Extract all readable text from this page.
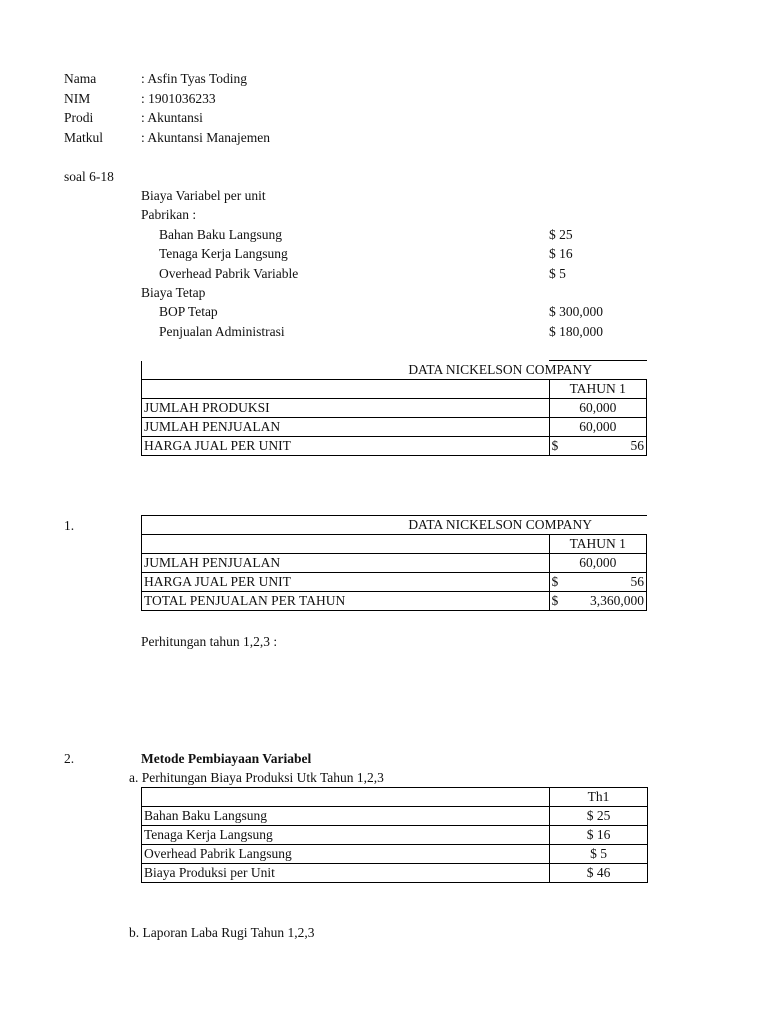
Nama	: Asfin Tyas Toding
NIM	: 1901036233
Prodi	: Akuntansi
Matkul	: Akuntansi Manajemen
soal 6-18
Biaya Variabel per unit
Pabrikan :
Bahan Baku Langsung	$ 25
Tenaga Kerja Langsung	$ 16
Overhead Pabrik Variable	$ 5
Biaya Tetap
BOP Tetap	$ 300,000
Penjualan Administrasi	$ 180,000
DATA NICKELSON COMPANY	
	TAHUN 1
JUMLAH PRODUKSI	60,000
JUMLAH PENJUALAN	60,000
HARGA JUAL PER UNIT	$ 56
1.	DATA NICKELSON COMPANY	
	TAHUN 1
JUMLAH PENJUALAN	60,000
HARGA JUAL PER UNIT	$ 56

TOTAL PENJUALAN PER TAHUN	$ 3,360,000
Perhitungan tahun 1,2,3 :
2.	Metode Pembiayaan Variabel
a. Perhitungan Biaya Produksi Utk Tahun 1,2,3
	Th1
Bahan Baku Langsung	$ 25
Tenaga Kerja Langsung	$ 16
Overhead Pabrik Langsung	$ 5
Biaya Produksi per Unit	$ 46
b. Laporan Laba Rugi Tahun 1,2,3
